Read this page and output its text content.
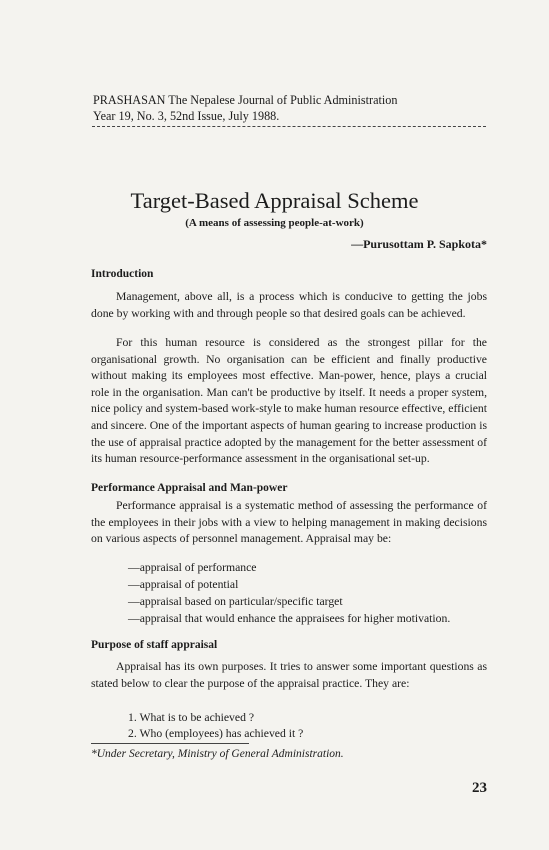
PRASHASAN The Nepalese Journal of Public Administration
Year 19, No. 3, 52nd Issue, July 1988.
Target-Based Appraisal Scheme
(A means of assessing people-at-work)
—Purusottam P. Sapkota*
Introduction

Management, above all, is a process which is conducive to getting the jobs done by working with and through people so that desired goals can be achieved.

For this human resource is considered as the strongest pillar for the organisational growth. No organisation can be efficient and finally productive without making its employees most effective. Man-power, hence, plays a crucial role in the organisation. Man can't be productive by itself. It needs a proper system, nice policy and system-based work-style to make human resource effective, efficient and sincere. One of the important aspects of human gearing to increase production is the use of appraisal practice adopted by the management for the better assessment of its human resource-performance assessment in the organisational set-up.

Performance Appraisal and Man-power

Performance appraisal is a systematic method of assessing the performance of the employees in their jobs with a view to helping management in making decisions on various aspects of personnel management. Appraisal may be:

—appraisal of performance
—appraisal of potential
—appraisal based on particular/specific target
—appraisal that would enhance the appraisees for higher motivation.
Purpose of staff appraisal

Appraisal has its own purposes. It tries to answer some important questions as stated below to clear the purpose of the appraisal practice. They are:

1. What is to be achieved ?
2. Who (employees) has achieved it ?
*Under Secretary, Ministry of General Administration.
23
